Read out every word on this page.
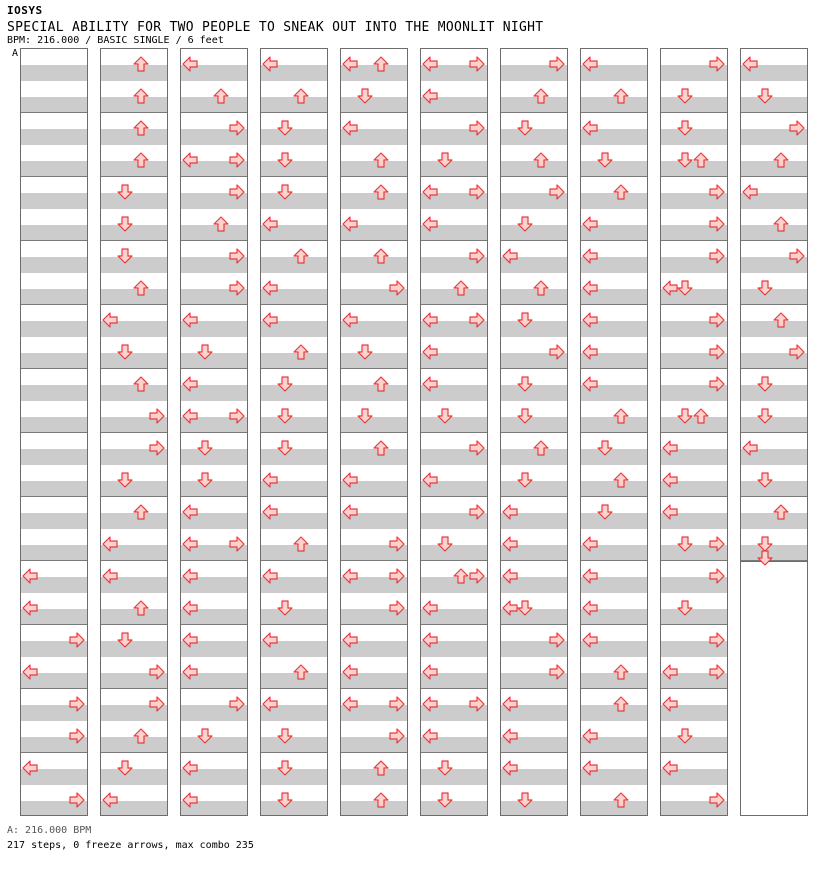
IOSYS
SPECIAL ABILITY FOR TWO PEOPLE TO SNEAK OUT INTO THE MOONLIT NIGHT
BPM: 216.000 / BASIC SINGLE / 6 feet
A
A: 216.000 BPM
217 steps, 0 freeze arrows, max combo 235
